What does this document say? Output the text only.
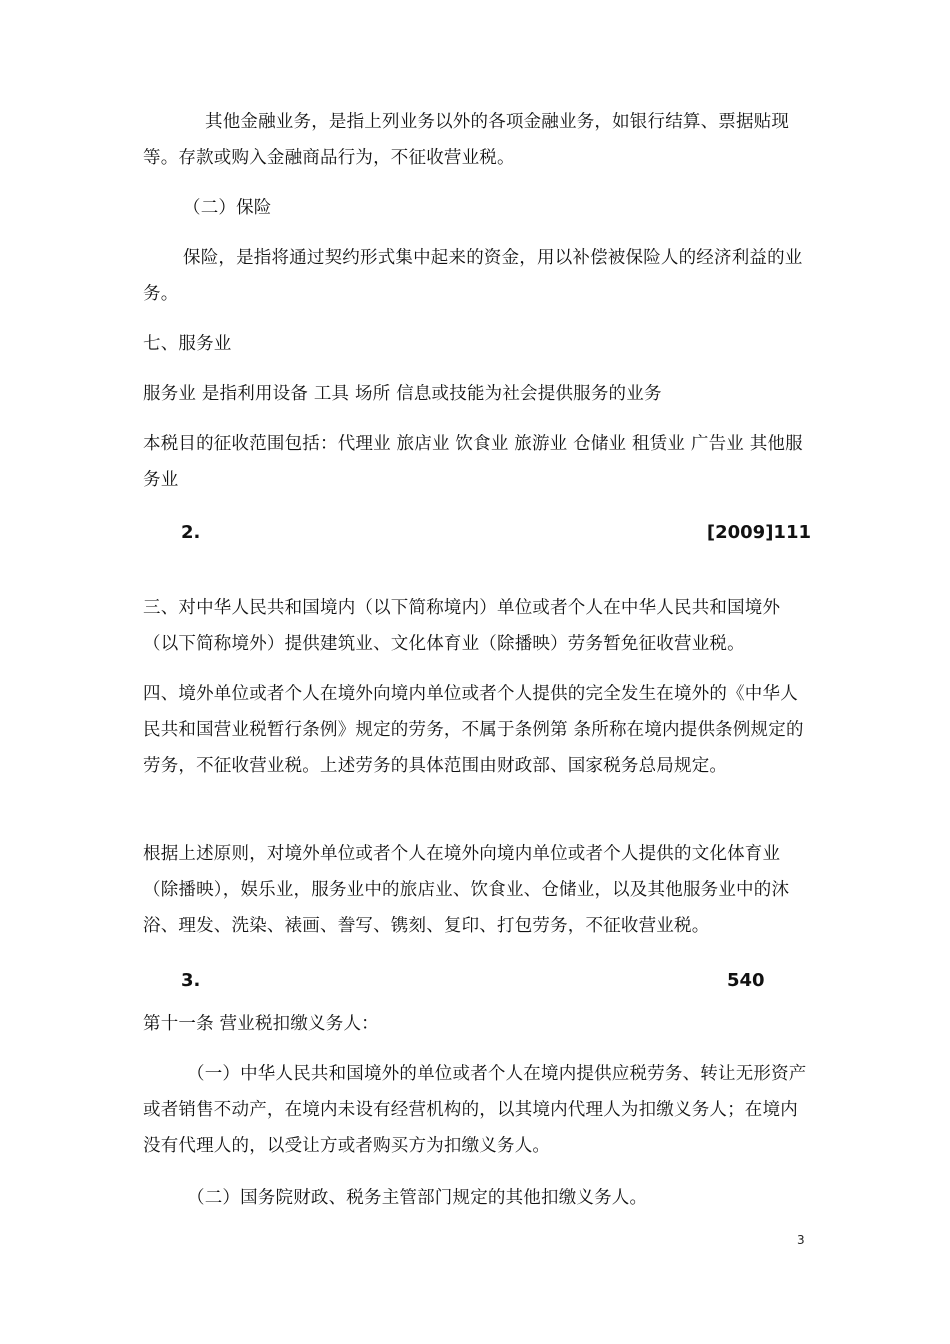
其他金融业务，是指上列业务以外的各项金融业务，如银行结算、票据贴现等。存款或购入金融商品行为，不征收营业税。

（二）保险

保险，是指将通过契约形式集中起来的资金，用以补偿被保险人的经济利益的业务。

七、服务业

服务业 是指利用设备 工具 场所 信息或技能为社会提供服务的业务

本税目的征收范围包括：代理业 旅店业 饮食业 旅游业 仓储业 租赁业 广告业 其他服务业

2.	[2009]111

三、对中华人民共和国境内（以下简称境内）单位或者个人在中华人民共和国境外（以下简称境外）提供建筑业、文化体育业（除播映）劳务暂免征收营业税。

四、境外单位或者个人在境外向境内单位或者个人提供的完全发生在境外的《中华人民共和国营业税暂行条例》规定的劳务，不属于条例第 条所称在境内提供条例规定的劳务，不征收营业税。上述劳务的具体范围由财政部、国家税务总局规定。

根据上述原则，对境外单位或者个人在境外向境内单位或者个人提供的文化体育业（除播映），娱乐业，服务业中的旅店业、饮食业、仓储业，以及其他服务业中的沐浴、理发、洗染、裱画、誊写、镌刻、复印、打包劳务，不征收营业税。

3.	540

第十一条 营业税扣缴义务人：

（一）中华人民共和国境外的单位或者个人在境内提供应税劳务、转让无形资产或者销售不动产，在境内未设有经营机构的，以其境内代理人为扣缴义务人；在境内没有代理人的，以受让方或者购买方为扣缴义务人。

（二）国务院财政、税务主管部门规定的其他扣缴义务人。

3
